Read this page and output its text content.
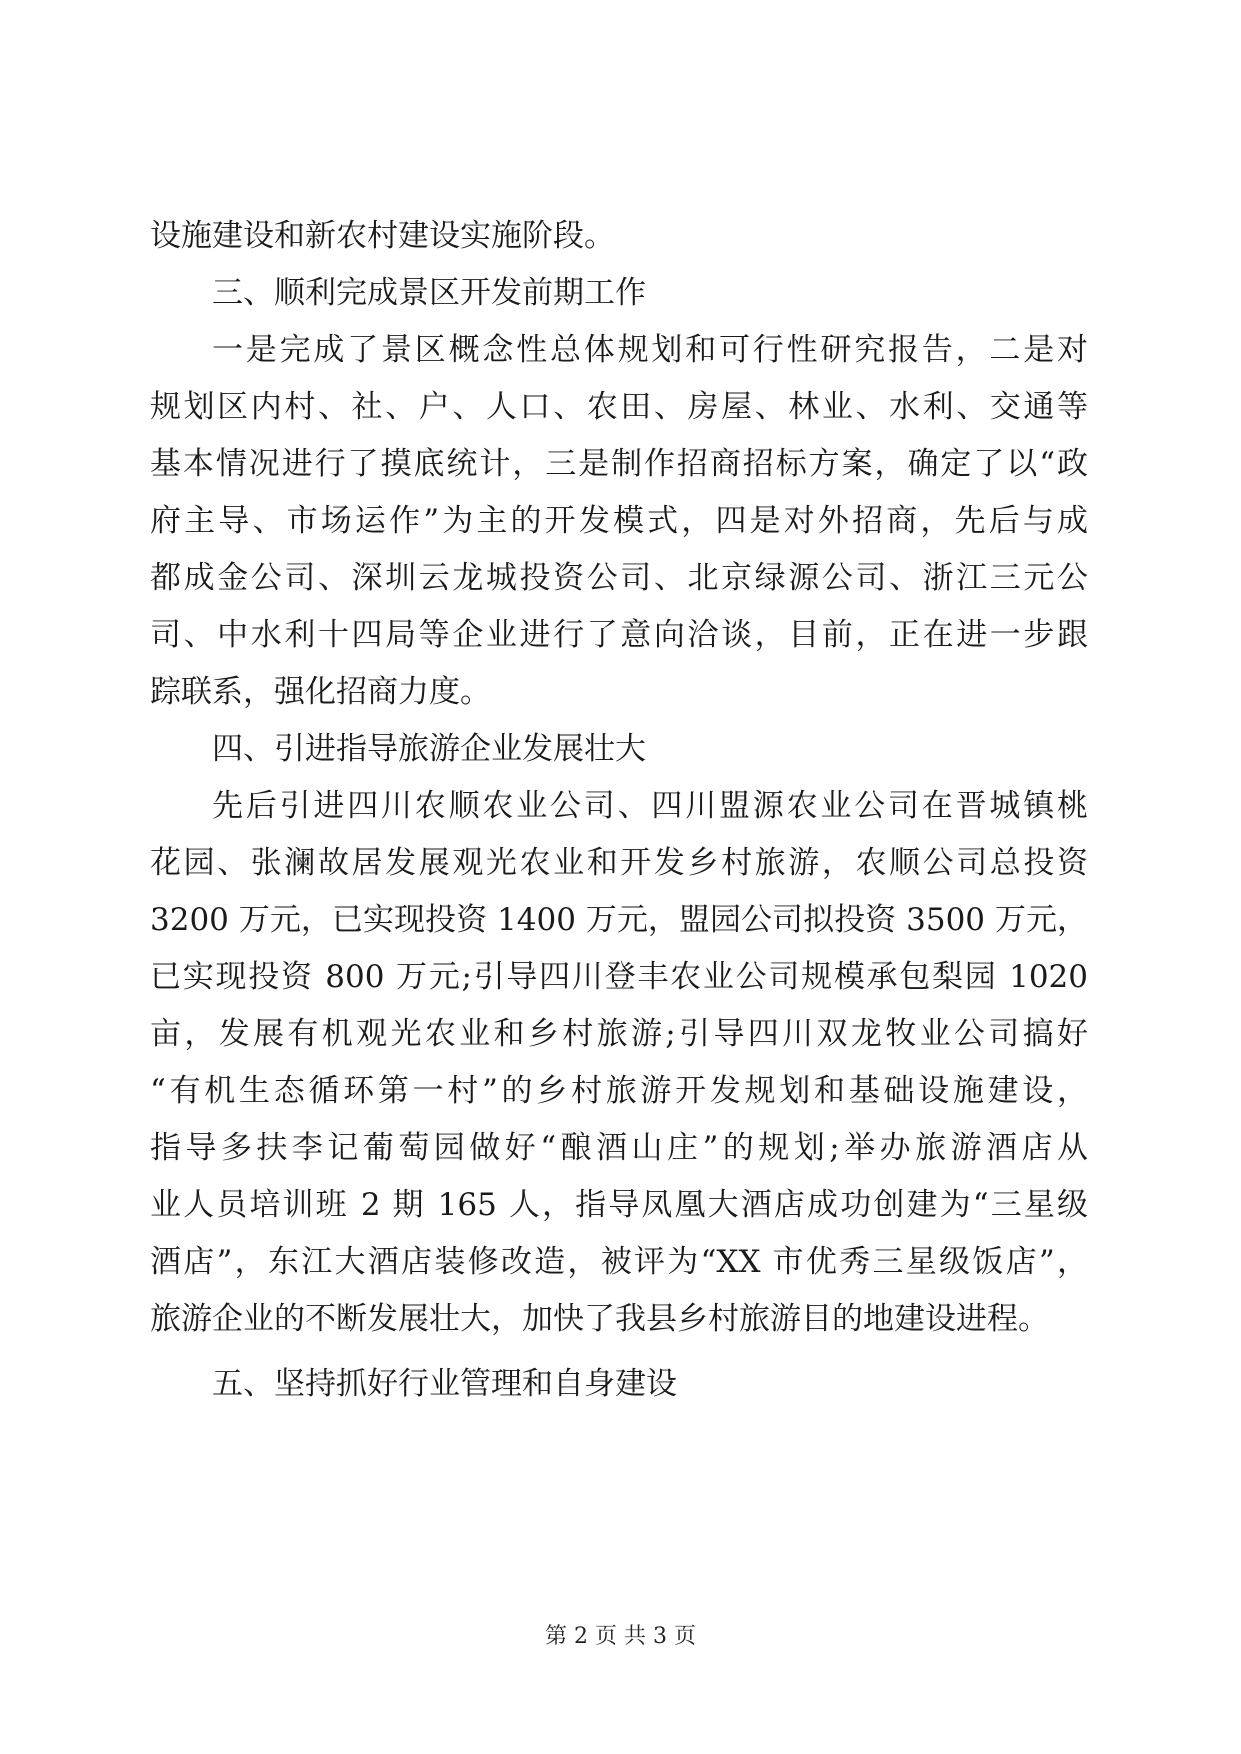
设施建设和新农村建设实施阶段。
三、顺利完成景区开发前期工作
一是完成了景区概念性总体规划和可行性研究报告，二是对
规划区内村、社、户、人口、农田、房屋、林业、水利、交通等
基本情况进行了摸底统计，三是制作招商招标方案，确定了以“政
府主导、市场运作”为主的开发模式，四是对外招商，先后与成
都成金公司、深圳云龙城投资公司、北京绿源公司、浙江三元公
司、中水利十四局等企业进行了意向洽谈，目前，正在进一步跟
踪联系，强化招商力度。
四、引进指导旅游企业发展壮大
先后引进四川农顺农业公司、四川盟源农业公司在晋城镇桃
花园、张澜故居发展观光农业和开发乡村旅游，农顺公司总投资
3200 万元，已实现投资 1400 万元，盟园公司拟投资 3500 万元，
已实现投资 800 万元;引导四川登丰农业公司规模承包梨园 1020
亩，发展有机观光农业和乡村旅游;引导四川双龙牧业公司搞好
“有机生态循环第一村”的乡村旅游开发规划和基础设施建设，
指导多扶李记葡萄园做好“酿酒山庄”的规划;举办旅游酒店从
业人员培训班 2 期 165 人，指导凤凰大酒店成功创建为“三星级
酒店”，东江大酒店装修改造，被评为“XX 市优秀三星级饭店”，
旅游企业的不断发展壮大，加快了我县乡村旅游目的地建设进程。
五、坚持抓好行业管理和自身建设
第 2 页 共 3 页
